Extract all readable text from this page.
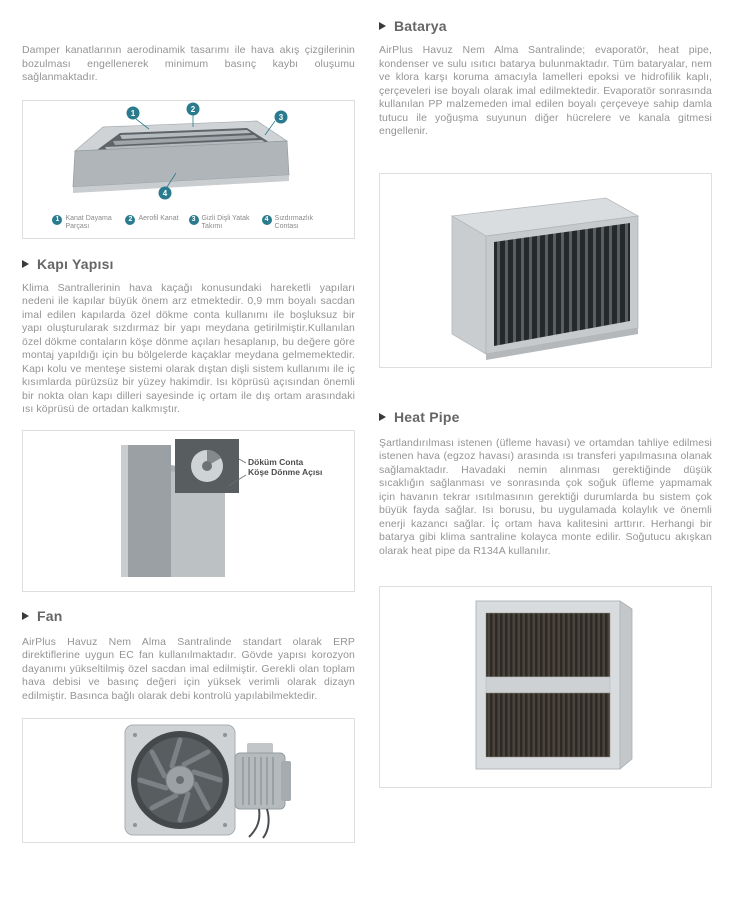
Damper kanatlarının aerodinamik tasarımı ile hava akış çizgilerinin bozulması engellenerek minimum basınç kaybı oluşumu sağlanmaktadır.

1	2
3
4
1 Kanat Dayama Parçası
2 Aerofil Kanat	3 Gizli Dişli Yatak Takımı
4 Sızdırmazlık Contası
Kapı Yapısı

Klima Santrallerinin hava kaçağı konusundaki hareketli yapıları nedeni ile kapılar büyük önem arz etmektedir. 0,9 mm boyalı sacdan imal edilen kapılarda özel dökme conta kullanımı ile boşluksuz bir yapı oluşturularak sızdırmaz bir yapı meydana getirilmiştir.Kullanılan özel dökme contaların köşe dönme açıları hesaplanıp, bu değere göre montaj yapıldığı için bu bölgelerde kaçaklar meydana gelmemektedir. Kapı kolu ve menteşe sistemi olarak dıştan dişli sistem kullanımı ile iç kısımlarda pürüzsüz bir yüzey hakimdir. Isı köprüsü açısından önemli bir nokta olan kapı dilleri sayesinde iç ortam ile dış ortam arasındaki ısı köprüsü de ortadan kalkmıştır.

Döküm Conta Köşe Dönme Açısı
Fan

AirPlus Havuz Nem Alma Santralinde standart olarak ERP direktiflerine uygun EC fan kullanılmaktadır. Gövde yapısı korozyon dayanımı yükseltilmiş özel sacdan imal edilmiştir. Gerekli olan toplam hava debisi ve basınç değeri için yüksek verimli olarak dizayn edilmiştir. Basınca bağlı olarak debi kontrolü yapılabilmektedir.

Batarya

AirPlus Havuz Nem Alma Santralinde; evaporatör, heat pipe, kondenser ve sulu ısıtıcı batarya bulunmaktadır. Tüm bataryalar, nem ve klora karşı koruma amacıyla lamelleri epoksi ve hidrofilik kaplı, çerçeveleri ise boyalı olarak imal edilmektedir. Evaporatör sonrasında kullanılan PP malzemeden imal edilen boyalı çerçeveye sahip damla tutucu ile yoğuşma suyunun diğer hücrelere ve kanala gitmesi engellenir.

Heat Pipe

Şartlandırılması istenen (üfleme havası) ve ortamdan tahliye edilmesi istenen hava (egzoz havası) arasında ısı transferi yapılmasına olanak sağlamaktadır. Havadaki nemin alınması gerektiğinde düşük sıcaklığın sağlanması ve sonrasında çok soğuk üfleme yapmamak için havanın tekrar ısıtılmasının gerektiği durumlarda bu sistem çok büyük fayda sağlar. Isı borusu, bu uygulamada kolaylık ve önemli enerji kazancı sağlar. İç ortam hava kalitesini arttırır. Herhangi bir batarya gibi klima santraline kolayca monte edilir. Soğutucu akışkan olarak heat pipe da R134A kullanılır.
